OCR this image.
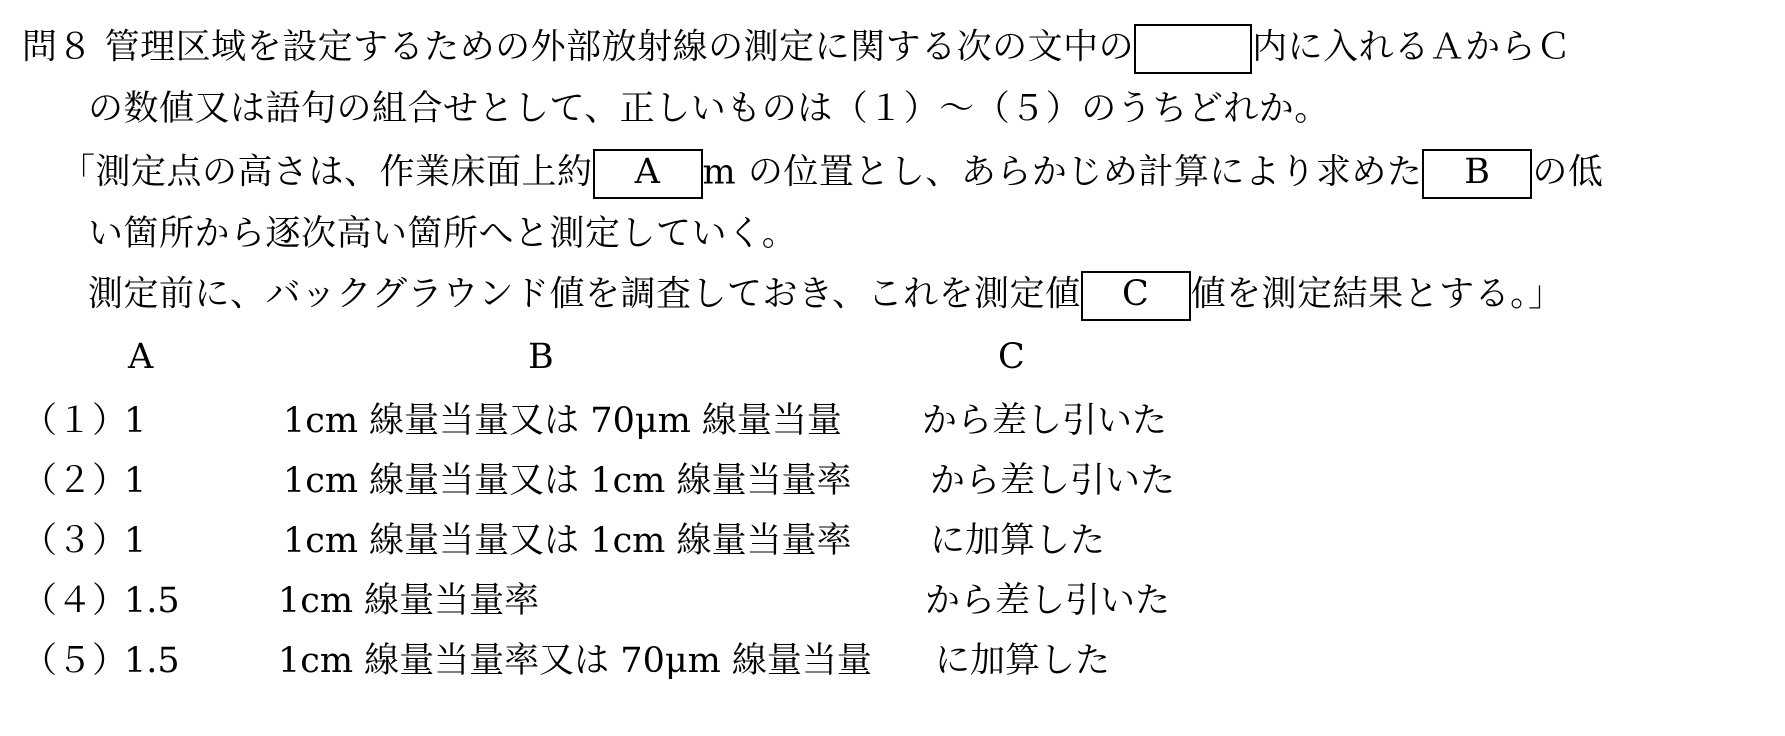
問８ 管理区域を設定するための外部放射線の測定に関する次の文中の	内に入れるＡからＣ
の数値又は語句の組合せとして、正しいものは（１）～（５）のうちどれか。
「測定点の高さは、作業床面上約 A m の位置とし、あらかじめ計算により求めた B の低
い箇所から逐次高い箇所へと測定していく。
測定前に、バックグラウンド値を調査しておき、これを測定値 C 値を測定結果とする。」
A	B	C
（１）
1	1cm 線量当量又は 70μm 線量当量 から差し引いた
（２）
1	1cm 線量当量又は 1cm 線量当量率 から差し引いた
（３）
1	1cm 線量当量又は 1cm 線量当量率 に加算した
（４）
1.5	1cm 線量当量率	から差し引いた
（５）
1.5	1cm 線量当量率又は 70μm 線量当量 に加算した
